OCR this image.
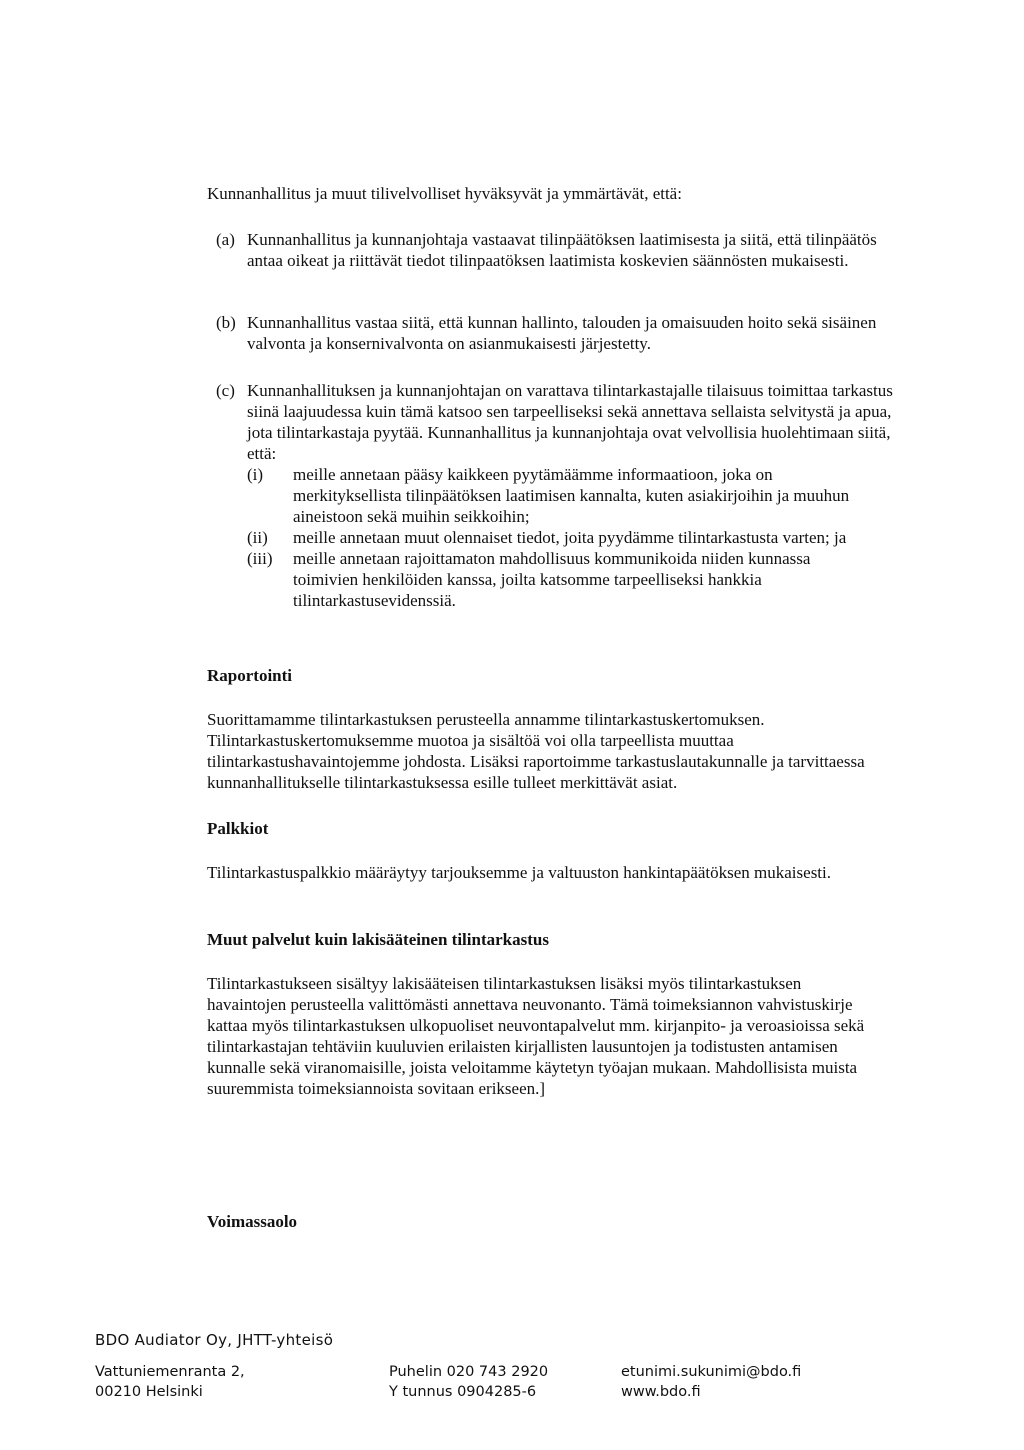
Kunnanhallitus ja muut tilivelvolliset hyväksyvät ja ymmärtävät, että:
(a) Kunnanhallitus ja kunnanjohtaja vastaavat tilinpäätöksen laatimisesta ja siitä, että tilinpäätös antaa oikeat ja riittävät tiedot tilinpaatöksen laatimista koskevien säännösten mukaisesti.
(b) Kunnanhallitus vastaa siitä, että kunnan hallinto, talouden ja omaisuuden hoito sekä sisäinen valvonta ja konsernivalvonta on asianmukaisesti järjestetty.
(c) Kunnanhallituksen ja kunnanjohtajan on varattava tilintarkastajalle tilaisuus toimittaa tarkastus siinä laajuudessa kuin tämä katsoo sen tarpeelliseksi sekä annettava sellaista selvitystä ja apua, jota tilintarkastaja pyytää. Kunnanhallitus ja kunnanjohtaja ovat velvollisia huolehtimaan siitä, että:
(i)	meille annetaan pääsy kaikkeen pyytämäämme informaatioon, joka on merkityksellista tilinpäätöksen laatimisen kannalta, kuten asiakirjoihin ja muuhun aineistoon sekä muihin seikkoihin;
(ii)	meille annetaan muut olennaiset tiedot, joita pyydämme tilintarkastusta varten; ja
(iii)	meille annetaan rajoittamaton mahdollisuus kommunikoida niiden kunnassa toimivien henkilöiden kanssa, joilta katsomme tarpeelliseksi hankkia tilintarkastusevidenssiä.
Raportointi
Suorittamamme tilintarkastuksen perusteella annamme tilintarkastuskertomuksen. Tilintarkastuskertomuksemme muotoa ja sisältöä voi olla tarpeellista muuttaa tilintarkastushavaintojemme johdosta. Lisäksi raportoimme tarkastuslautakunnalle ja tarvittaessa kunnanhallitukselle tilintarkastuksessa esille tulleet merkittävät asiat.
Palkkiot
Tilintarkastuspalkkio määräytyy tarjouksemme ja valtuuston hankintapäätöksen mukaisesti.
Muut palvelut kuin lakisääteinen tilintarkastus
Tilintarkastukseen sisältyy lakisääteisen tilintarkastuksen lisäksi myös tilintarkastuksen havaintojen perusteella valittömästi annettava neuvonanto. Tämä toimeksiannon vahvistuskirje kattaa myös tilintarkastuksen ulkopuoliset neuvontapalvelut mm. kirjanpito- ja veroasioissa sekä tilintarkastajan tehtäviin kuuluvien erilaisten kirjallisten lausuntojen ja todistusten antamisen kunnalle sekä viranomaisille, joista veloitamme käytetyn työajan mukaan. Mahdollisista muista suuremmista toimeksiannoista sovitaan erikseen.]
Voimassaolo
BDO Audiator Oy, JHTT-yhteisö
Vattuniemenranta 2,
00210 Helsinki
Puhelin 020 743 2920
Y tunnus 0904285-6
etunimi.sukunimi@bdo.fi
www.bdo.fi
